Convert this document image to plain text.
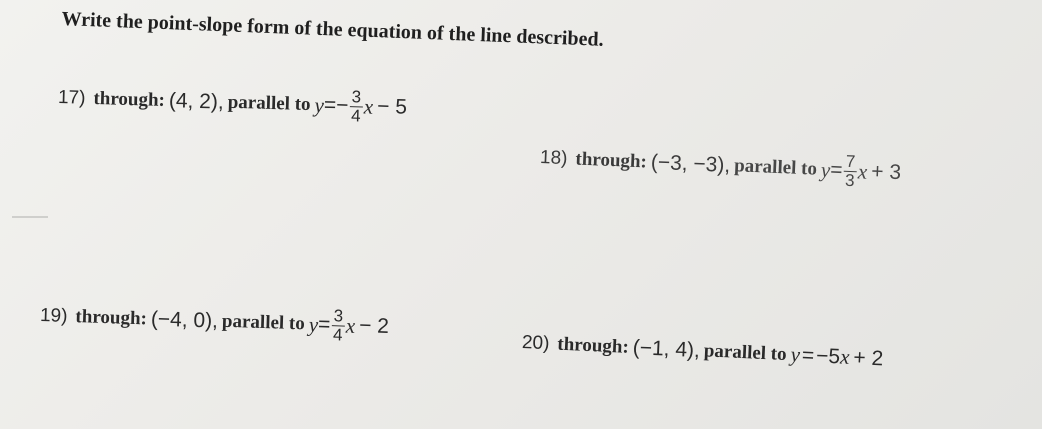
Write the point-slope form of the equation of the line described.
17) through: (4, 2), parallel to y = − $\frac{3}{4}$ x − 5
18) through: (−3, −3), parallel to $y = \frac{7}{3}$ x + 3
19) through: (−4, 0), parallel to $y = \frac{3}{4}$ x − 2
20) through: (−1, 4), parallel to y = −5
x + 2
